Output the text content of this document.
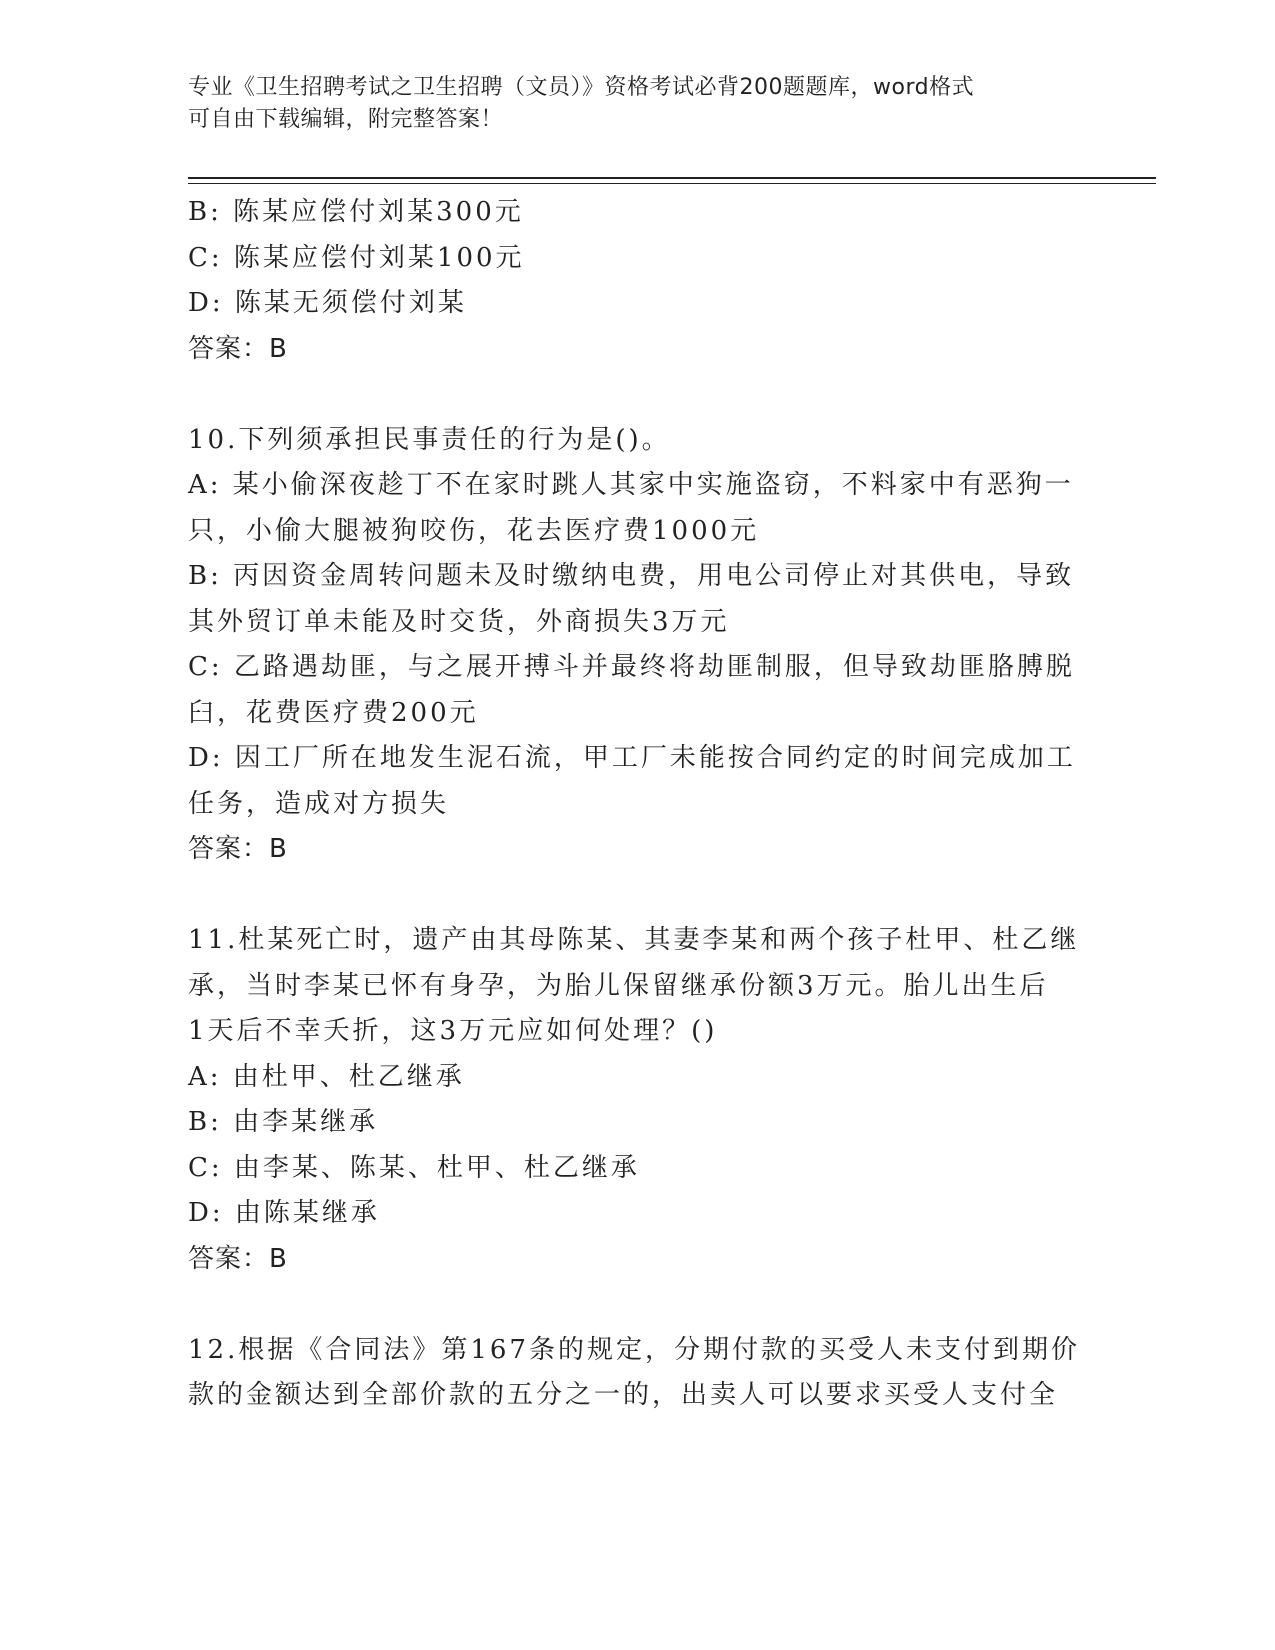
专业《卫生招聘考试之卫生招聘（文员）》资格考试必背200题题库，word格式
可自由下载编辑，附完整答案！
B: 陈某应偿付刘某300元
C: 陈某应偿付刘某100元
D: 陈某无须偿付刘某
答案：B
10.下列须承担民事责任的行为是()。
A: 某小偷深夜趁丁不在家时跳人其家中实施盗窃，不料家中有恶狗一
只，小偷大腿被狗咬伤，花去医疗费1000元
B: 丙因资金周转问题未及时缴纳电费，用电公司停止对其供电，导致
其外贸订单未能及时交货，外商损失3万元
C: 乙路遇劫匪，与之展开搏斗并最终将劫匪制服，但导致劫匪胳膊脱
臼，花费医疗费200元
D: 因工厂所在地发生泥石流，甲工厂未能按合同约定的时间完成加工
任务，造成对方损失
答案：B
11.杜某死亡时，遗产由其母陈某、其妻李某和两个孩子杜甲、杜乙继
承，当时李某已怀有身孕，为胎儿保留继承份额3万元。胎儿出生后
1天后不幸夭折，这3万元应如何处理？()
A: 由杜甲、杜乙继承
B: 由李某继承
C: 由李某、陈某、杜甲、杜乙继承
D: 由陈某继承
答案：B
12.根据《合同法》第167条的规定，分期付款的买受人未支付到期价
款的金额达到全部价款的五分之一的，出卖人可以要求买受人支付全
